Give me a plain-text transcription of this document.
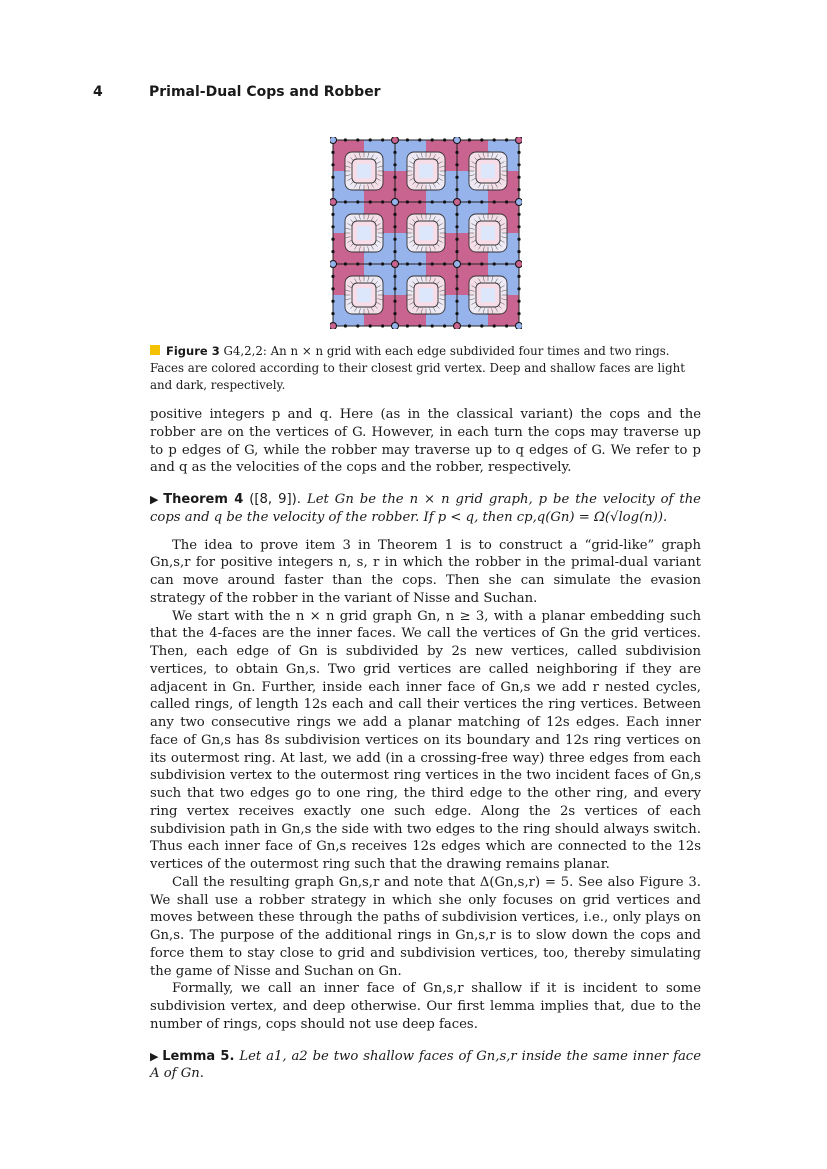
4	Primal-Dual Cops and Robber
Figure 3 G4,2,2: An n × n grid with each edge subdivided four times and two rings. Faces are colored according to their closest grid vertex. Deep and shallow faces are light and dark, respectively.

positive integers p and q. Here (as in the classical variant) the cops and the robber are on the vertices of G. However, in each turn the cops may traverse up to p edges of G, while the robber may traverse up to q edges of G. We refer to p and q as the velocities of the cops and the robber, respectively.

▶ Theorem 4 ([8, 9]). Let Gn be the n × n grid graph, p be the velocity of the cops and q be the velocity of the robber. If p < q, then cp,q(Gn) = Ω(√log(n)).

The idea to prove item 3 in Theorem 1 is to construct a “grid-like” graph Gn,s,r for positive integers n, s, r in which the robber in the primal-dual variant can move around faster than the cops. Then she can simulate the evasion strategy of the robber in the variant of Nisse and Suchan.

We start with the n × n grid graph Gn, n ≥ 3, with a planar embedding such that the 4-faces are the inner faces. We call the vertices of Gn the grid vertices. Then, each edge of Gn is subdivided by 2s new vertices, called subdivision vertices, to obtain Gn,s. Two grid vertices are called neighboring if they are adjacent in Gn. Further, inside each inner face of Gn,s we add r nested cycles, called rings, of length 12s each and call their vertices the ring vertices. Between any two consecutive rings we add a planar matching of 12s edges. Each inner face of Gn,s has 8s subdivision vertices on its boundary and 12s ring vertices on its outermost ring. At last, we add (in a crossing-free way) three edges from each subdivision vertex to the outermost ring vertices in the two incident faces of Gn,s such that two edges go to one ring, the third edge to the other ring, and every ring vertex receives exactly one such edge. Along the 2s vertices of each subdivision path in Gn,s the side with two edges to the ring should always switch. Thus each inner face of Gn,s receives 12s edges which are connected to the 12s vertices of the outermost ring such that the drawing remains planar.

Call the resulting graph Gn,s,r and note that Δ(Gn,s,r) = 5. See also Figure 3. We shall use a robber strategy in which she only focuses on grid vertices and moves between these through the paths of subdivision vertices, i.e., only plays on Gn,s. The purpose of the additional rings in Gn,s,r is to slow down the cops and force them to stay close to grid and subdivision vertices, too, thereby simulating the game of Nisse and Suchan on Gn.

Formally, we call an inner face of Gn,s,r shallow if it is incident to some subdivision vertex, and deep otherwise. Our first lemma implies that, due to the number of rings, cops should not use deep faces.

▶ Lemma 5. Let a1, a2 be two shallow faces of Gn,s,r inside the same inner face A of Gn.
